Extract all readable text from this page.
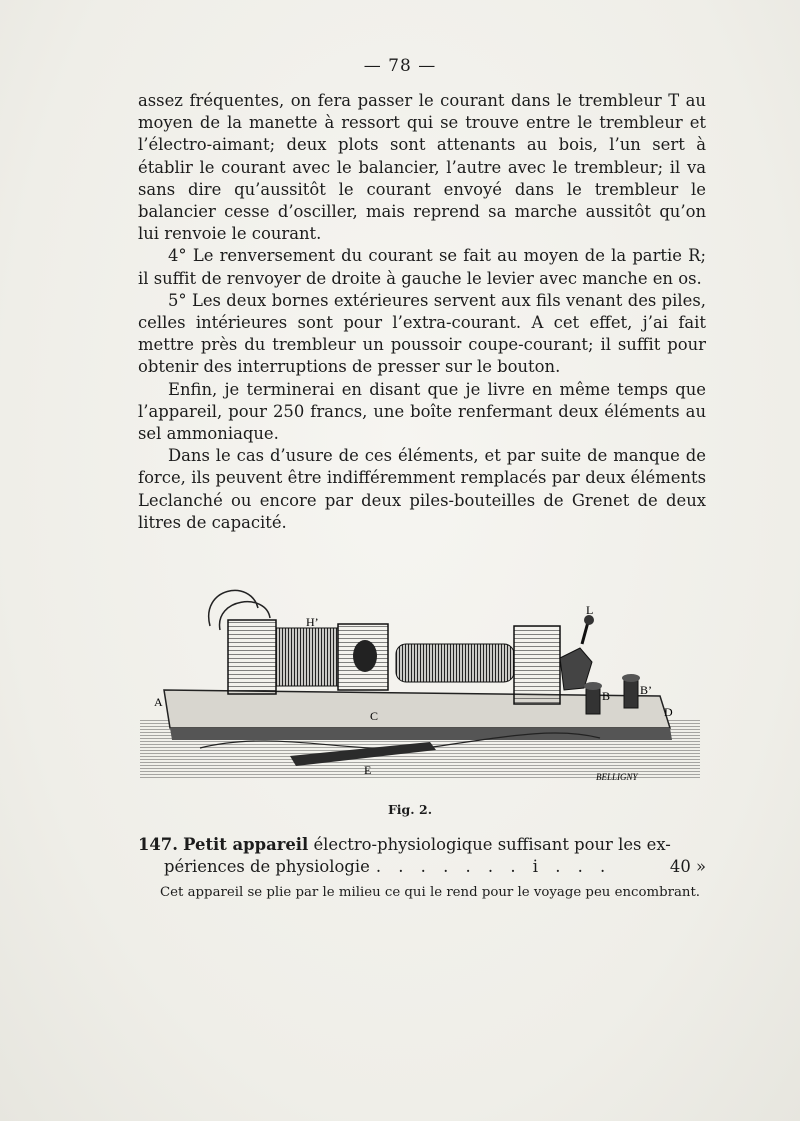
— 78 —

assez fréquentes, on fera passer le courant dans le trembleur T au moyen de la manette à ressort qui se trouve entre le trembleur et l’électro-aimant; deux plots sont attenants au bois, l’un sert à établir le courant avec le balancier, l’autre avec le trembleur; il va sans dire qu’aussitôt le courant envoyé dans le trembleur le balancier cesse d’osciller, mais reprend sa marche aussitôt qu’on lui renvoie le courant.

4° Le renversement du courant se fait au moyen de la partie R; il suffit de renvoyer de droite à gauche le levier avec manche en os.

5° Les deux bornes extérieures servent aux fils venant des piles, celles intérieures sont pour l’extra-courant. A cet effet, j’ai fait mettre près du trembleur un poussoir coupe-courant; il suffit pour obtenir des interruptions de presser sur le bouton.

Enfin, je terminerai en disant que je livre en même temps que l’appareil, pour 250 francs, une boîte renfermant deux éléments au sel ammoniaque.

Dans le cas d’usure de ces éléments, et par suite de manque de force, ils peuvent être indifféremment remplacés par deux éléments Leclanché ou encore par deux piles-bouteilles de Grenet de deux litres de capacité.

H’
L
B B’
A
D
C
E	BELLIGNY
Fig. 2.
147. Petit appareil électro-physiologique suffisant pour les ex-
périences de physiologie . . . . . . . i . . .	40 »
Cet appareil se plie par le milieu ce qui le rend pour le voyage peu encombrant.
